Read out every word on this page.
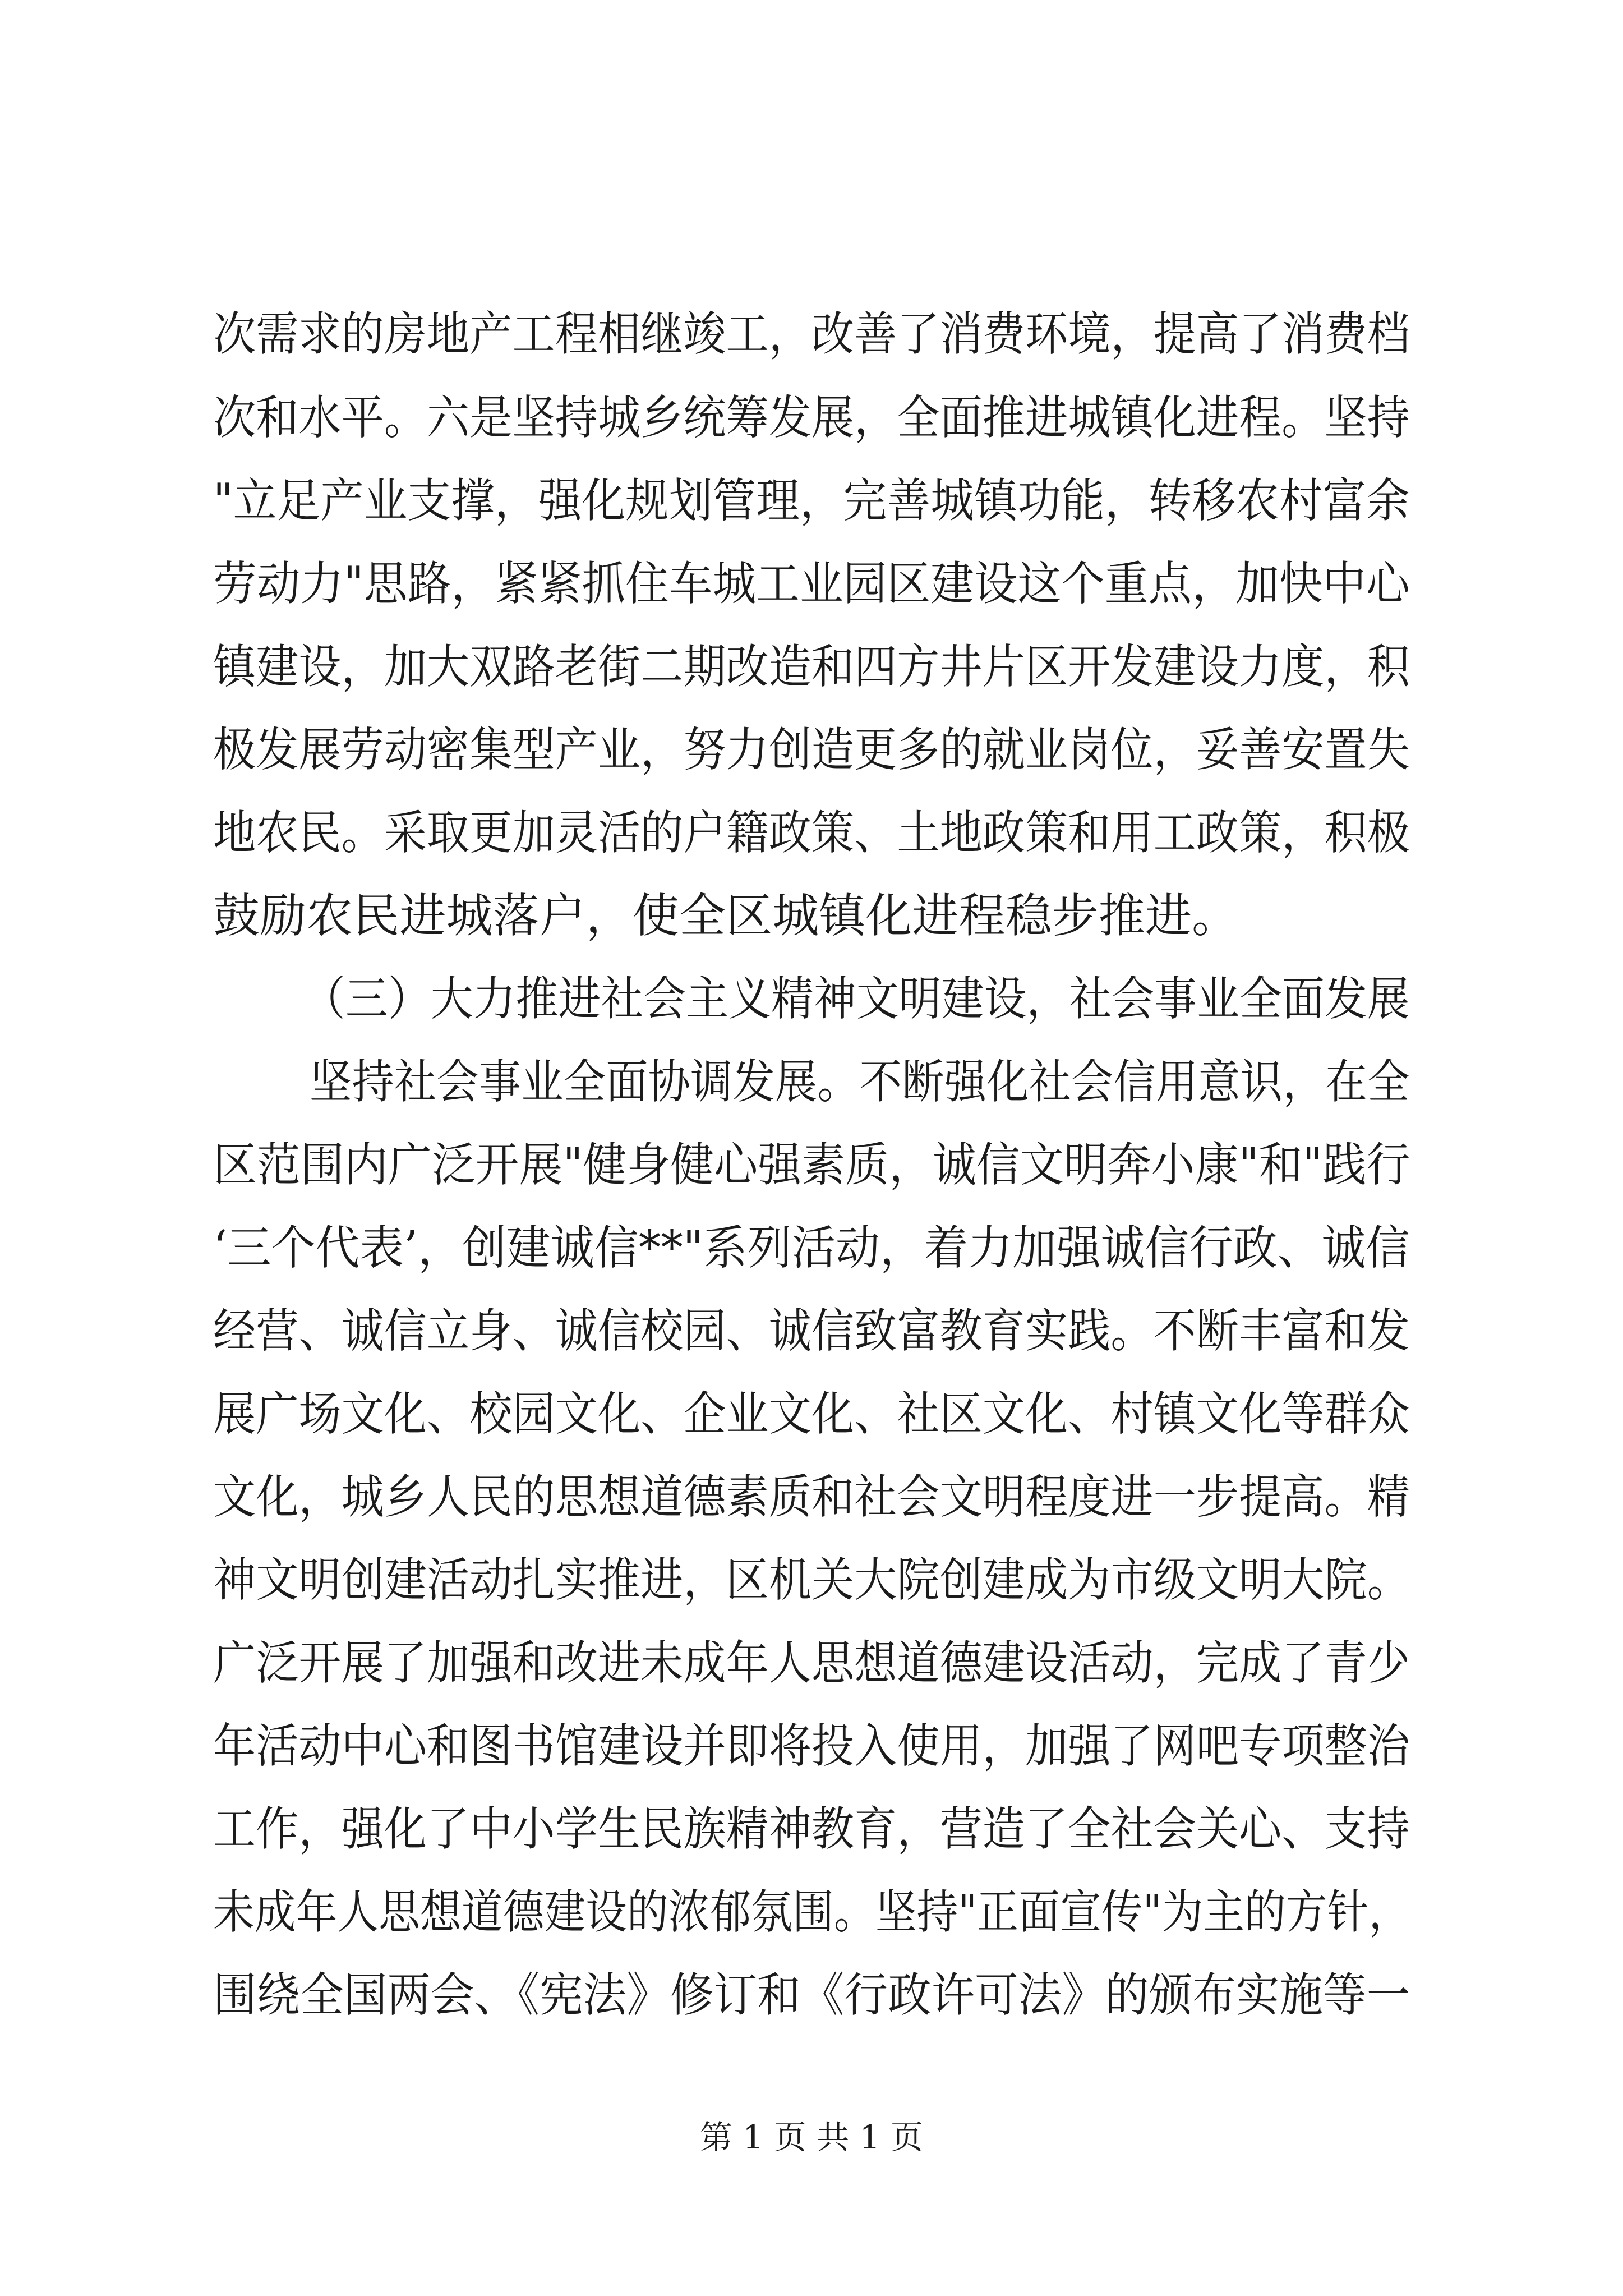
次需求的房地产工程相继竣工，改善了消费环境，提高了消费档
次和水平。六是坚持城乡统筹发展，全面推进城镇化进程。坚持
"立足产业支撑，强化规划管理，完善城镇功能，转移农村富余
劳动力"思路，紧紧抓住车城工业园区建设这个重点，加快中心
镇建设，加大双路老街二期改造和四方井片区开发建设力度，积
极发展劳动密集型产业，努力创造更多的就业岗位，妥善安置失
地农民。采取更加灵活的户籍政策、土地政策和用工政策，积极
鼓励农民进城落户，使全区城镇化进程稳步推进。
（三）大力推进社会主义精神文明建设，社会事业全面发展
坚持社会事业全面协调发展。不断强化社会信用意识，在全
区范围内广泛开展"健身健心强素质，诚信文明奔小康"和"践行
‘三个代表’，创建诚信**"系列活动，着力加强诚信行政、诚信
经营、诚信立身、诚信校园、诚信致富教育实践。不断丰富和发
展广场文化、校园文化、企业文化、社区文化、村镇文化等群众
文化，城乡人民的思想道德素质和社会文明程度进一步提高。精
神文明创建活动扎实推进，区机关大院创建成为市级文明大院。
广泛开展了加强和改进未成年人思想道德建设活动，完成了青少
年活动中心和图书馆建设并即将投入使用，加强了网吧专项整治
工作，强化了中小学生民族精神教育，营造了全社会关心、支持
未成年人思想道德建设的浓郁氛围。坚持"正面宣传"为主的方针，
围绕全国两会、《宪法》修订和《行政许可法》的颁布实施等一
第 1 页 共 1 页
